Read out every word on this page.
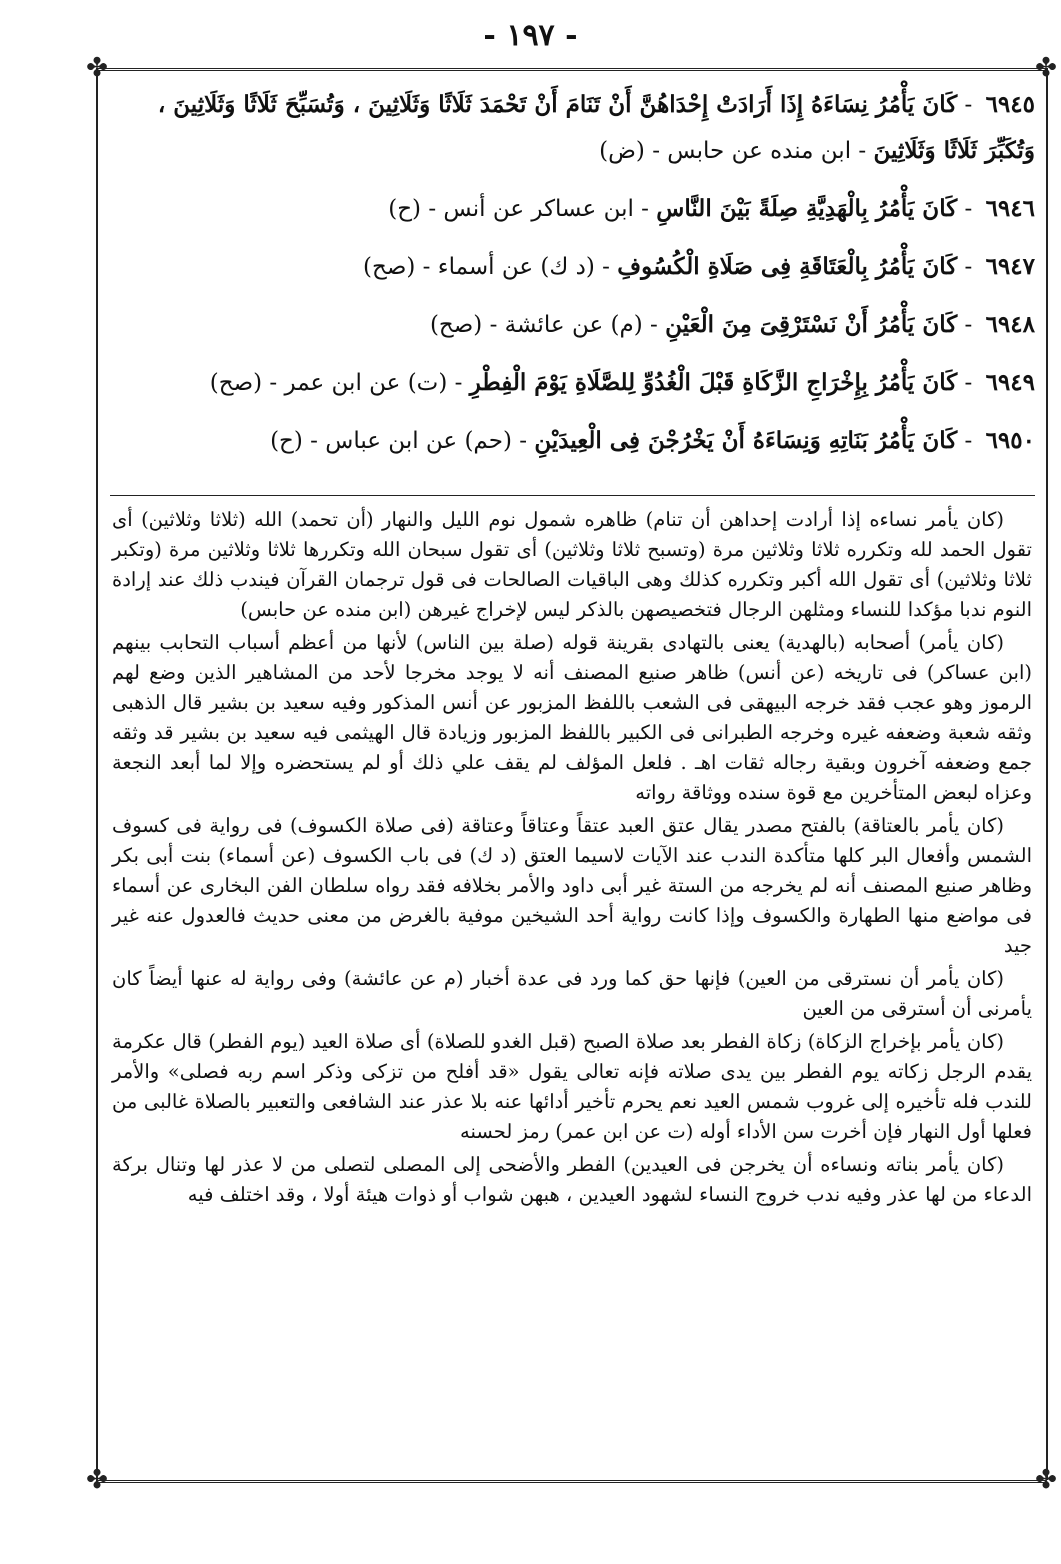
- ١٩٧ -
✤	✤
✤	✤
٦٩٤٥ - كَانَ يَأْمُرُ نِسَاءَهُ إِذَا أَرَادَتْ إِحْدَاهُنَّ أَنْ تَنَامَ أَنْ تَحْمَدَ ثَلَاثًا وَثَلَاثِينَ ، وَتُسَبِّحَ ثَلَاثًا وَثَلَاثِينَ ، وَتُكَبِّرَ ثَلَاثًا وَثَلَاثِينَ - ابن منده عن حابس - (ض)
٦٩٤٦ - كَانَ يَأْمُرُ بِالْهَدِيَّةِ صِلَةً بَيْنَ النَّاسِ - ابن عساكر عن أنس - (ح)
٦٩٤٧ - كَانَ يَأْمُرُ بِالْعَتَاقَةِ فِى صَلَاةِ الْكُسُوفِ - (د ك) عن أسماء - (صح)
٦٩٤٨ - كَانَ يَأْمُرُ أَنْ نَسْتَرْقِىَ مِنَ الْعَيْنِ - (م) عن عائشة - (صح)
٦٩٤٩ - كَانَ يَأْمُرُ بِإِخْرَاجِ الزَّكَاةِ قَبْلَ الْغُدُوِّ لِلصَّلَاةِ يَوْمَ الْفِطْرِ - (ت) عن ابن عمر - (صح)
٦٩٥٠ - كَانَ يَأْمُرُ بَنَاتِهِ وَنِسَاءَهُ أَنْ يَخْرُجْنَ فِى الْعِيدَيْنِ - (حم) عن ابن عباس - (ح)

(كان يأمر نساءه إذا أرادت إحداهن أن تنام) ظاهره شمول نوم الليل والنهار (أن تحمد) الله (ثلاثا وثلاثين) أى تقول الحمد لله وتكرره ثلاثا وثلاثين مرة (وتسبح ثلاثا وثلاثين) أى تقول سبحان الله وتكررها ثلاثا وثلاثين مرة (وتكبر ثلاثا وثلاثين) أى تقول الله أكبر وتكرره كذلك وهى الباقيات الصالحات فى قول ترجمان القرآن فيندب ذلك عند إرادة النوم ندبا مؤكدا للنساء ومثلهن الرجال فتخصيصهن بالذكر ليس لإخراج غيرهن (ابن منده عن حابس)

(كان يأمر) أصحابه (بالهدية) يعنى بالتهادى بقرينة قوله (صلة بين الناس) لأنها من أعظم أسباب التحابب بينهم (ابن عساكر) فى تاريخه (عن أنس) ظاهر صنيع المصنف أنه لا يوجد مخرجا لأحد من المشاهير الذين وضع لهم الرموز وهو عجب فقد خرجه البيهقى فى الشعب باللفظ المزبور عن أنس المذكور وفيه سعيد بن بشير قال الذهبى وثقه شعبة وضعفه غيره وخرجه الطبرانى فى الكبير باللفظ المزبور وزيادة قال الهيثمى فيه سعيد بن بشير قد وثقه جمع وضعفه آخرون وبقية رجاله ثقات اهـ . فلعل المؤلف لم يقف علي ذلك أو لم يستحضره وإلا لما أبعد النجعة وعزاه لبعض المتأخرين مع قوة سنده ووثاقة رواته

(كان يأمر بالعتاقة) بالفتح مصدر يقال عتق العبد عتقاً وعتاقاً وعتاقة (فى صلاة الكسوف) فى رواية فى كسوف الشمس وأفعال البر كلها متأكدة الندب عند الآيات لاسيما العتق (د ك) فى باب الكسوف (عن أسماء) بنت أبى بكر وظاهر صنيع المصنف أنه لم يخرجه من الستة غير أبى داود والأمر بخلافه فقد رواه سلطان الفن البخارى عن أسماء فى مواضع منها الطهارة والكسوف وإذا كانت رواية أحد الشيخين موفية بالغرض من معنى حديث فالعدول عنه غير جيد

(كان يأمر أن نسترقى من العين) فإنها حق كما ورد فى عدة أخبار (م عن عائشة) وفى رواية له عنها أيضاً كان يأمرنى أن أسترقى من العين

(كان يأمر بإخراج الزكاة) زكاة الفطر بعد صلاة الصبح (قبل الغدو للصلاة) أى صلاة العيد (يوم الفطر) قال عكرمة يقدم الرجل زكاته يوم الفطر بين يدى صلاته فإنه تعالى يقول «قد أفلح من تزكى وذكر اسم ربه فصلى» والأمر للندب فله تأخيره إلى غروب شمس العيد نعم يحرم تأخير أدائها عنه بلا عذر عند الشافعى والتعبير بالصلاة غالبى من فعلها أول النهار فإن أخرت سن الأداء أوله (ت عن ابن عمر) رمز لحسنه

(كان يأمر بناته ونساءه أن يخرجن فى العيدين) الفطر والأضحى إلى المصلى لتصلى من لا عذر لها وتنال بركة الدعاء من لها عذر وفيه ندب خروج النساء لشهود العيدين ، هبهن شواب أو ذوات هيئة أولا ، وقد اختلف فيه
